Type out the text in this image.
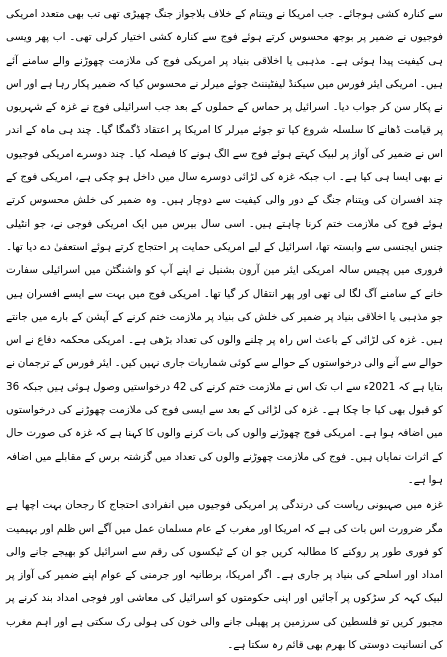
سے کنارہ کشی ہوجائے۔ جب امریکا نے ویتنام کے خلاف بلاجواز جنگ چھیڑی تھی تب بھی متعدد امریکی فوجیوں نے ضمیر پر بوجھ محسوس کرتے ہوئے فوج سے کنارہ کشی اختیار کرلی تھی۔ اب پھر ویسی ہی کیفیت پیدا ہوئی ہے۔ مذہبی یا اخلاقی بنیاد پر امریکی فوج کی ملازمت چھوڑنے والے سامنے آئے ہیں۔ امریکی ایئر فورس میں سیکنڈ لیفٹیننٹ جوئے میرلر نے محسوس کیا کہ ضمیر پکار رہا ہے اور اس نے پکار سن کر جواب دیا۔ اسرائیل پر حماس کے حملوں کے بعد جب اسرائیلی فوج نے غزہ کے شہریوں پر قیامت ڈھانے کا سلسلہ شروع کیا تو جوئے میرلر کا امریکا پر اعتقاد ڈگمگا گیا۔ چند ہی ماہ کے اندر اس نے ضمیر کی آواز پر لبیک کہتے ہوئے فوج سے الگ ہونے کا فیصلہ کیا۔ چند دوسرے امریکی فوجیوں نے بھی ایسا ہی کیا ہے۔ اب جبکہ غزہ کی لڑائی دوسرے سال میں داخل ہو چکی ہے، امریکی فوج کے چند افسران کی ویتنام جنگ کے دور والی کیفیت سے دوچار ہیں۔ وہ ضمیر کی خلش محسوس کرتے ہوئے فوج کی ملازمت ختم کرنا چاہتے ہیں۔ اسی سال بیرس میں ایک امریکی فوجی نے، جو انٹیلی جنس ایجنسی سے وابستہ تھا، اسرائیل کے لیے امریکی حمایت پر احتجاج کرتے ہوئے استعفیٰ دے دیا تھا۔ فروری میں پچیس سالہ امریکی ایئر مین آرون بشنیل نے اپنے آپ کو واشنگٹن میں اسرائیلی سفارت خانے کے سامنے آگ لگا لی تھی اور پھر انتقال کر گیا تھا۔ امریکی فوج میں بہت سے ایسے افسران ہیں جو مذہبی یا اخلاقی بنیاد پر ضمیر کی خلش کی بنیاد پر ملازمت ختم کرنے کے آپشن کے بارے میں جانتے ہیں۔ غزہ کی لڑائی کے باعث اس راہ پر چلنے والوں کی تعداد بڑھی ہے۔ امریکی محکمہ دفاع نے اس حوالے سے آنے والی درخواستوں کے حوالے سے کوئی شماریات جاری نہیں کیں۔ ایئر فورس کے ترجمان نے بتایا ہے کہ 2021ء سے اب تک اس نے ملازمت ختم کرنے کی 42 درخواستیں وصول ہوئی ہیں جبکہ 36 کو قبول بھی کیا جا چکا ہے۔ غزہ کی لڑائی کے بعد سے ایسی فوج کی ملازمت چھوڑنے کی درخواستوں میں اضافہ ہوا ہے۔ امریکی فوج چھوڑنے والوں کی بات کرنے والوں کا کہنا ہے کہ غزہ کی صورت حال کے اثرات نمایاں ہیں۔ فوج کی ملازمت چھوڑنے والوں کی تعداد میں گزشتہ برس کے مقابلے میں اضافہ ہوا ہے۔

غزہ میں صہیونی ریاست کی درندگی پر امریکی فوجیوں میں انفرادی احتجاج کا رجحان بہت اچھا ہے مگر ضرورت اس بات کی ہے کہ امریکا اور مغرب کے عام مسلمان عمل میں آگے اس ظلم اور بہیمیت کو فوری طور پر روکنے کا مطالبہ کریں جو ان کے ٹیکسوں کی رقم سے اسرائیل کو بھیجے جانے والی امداد اور اسلحے کی بنیاد پر جاری ہے۔ اگر امریکا، برطانیہ اور جرمنی کے عوام اپنے ضمیر کی آواز پر لبیک کہہ کر سڑکوں پر آجائیں اور اپنی حکومتوں کو اسرائیل کی معاشی اور فوجی امداد بند کرنے پر مجبور کریں تو فلسطین کی سرزمین پر پھیلی جانے والی خون کی ہولی رک سکتی ہے اور اہم مغرب کی انسانیت دوستی کا بھرم بھی قائم رہ سکتا ہے۔
